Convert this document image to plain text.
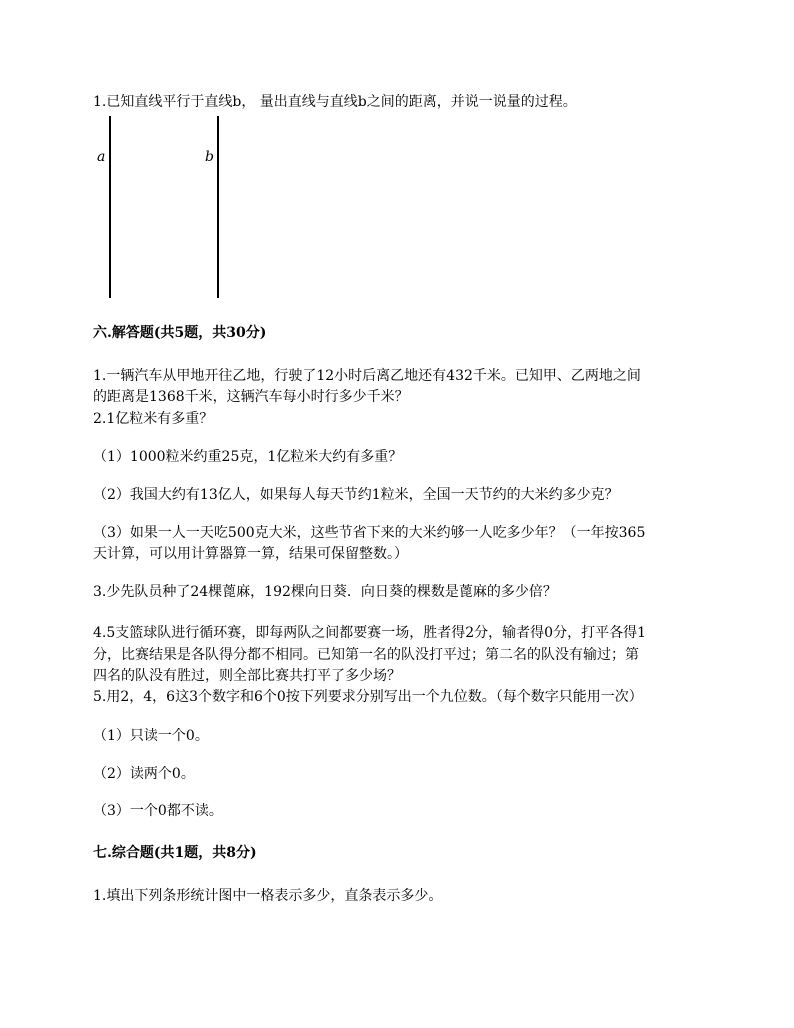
1.已知直线平行于直线b， 量出直线与直线b之间的距离，并说一说量的过程。
a	b
六.解答题(共5题，共30分)
1.一辆汽车从甲地开往乙地，行驶了12小时后离乙地还有432千米。已知甲、乙两地之间
的距离是1368千米，这辆汽车每小时行多少千米？
2.1亿粒米有多重？
（1）1000粒米约重25克，1亿粒米大约有多重？
（2）我国大约有13亿人，如果每人每天节约1粒米，全国一天节约的大米约多少克？
（3）如果一人一天吃500克大米，这些节省下来的大米约够一人吃多少年？（一年按365
天计算，可以用计算器算一算，结果可保留整数。）
3.少先队员种了24棵蓖麻，192棵向日葵．向日葵的棵数是蓖麻的多少倍？
4.5支篮球队进行循环赛，即每两队之间都要赛一场，胜者得2分，输者得0分，打平各得1
分，比赛结果是各队得分都不相同。已知第一名的队没打平过；第二名的队没有输过；第
四名的队没有胜过，则全部比赛共打平了多少场？
5.用2，4，6这3个数字和6个0按下列要求分别写出一个九位数。（每个数字只能用一次）
（1）只读一个0。
（2）读两个0。
（3）一个0都不读。
七.综合题(共1题，共8分)
1.填出下列条形统计图中一格表示多少，直条表示多少。
